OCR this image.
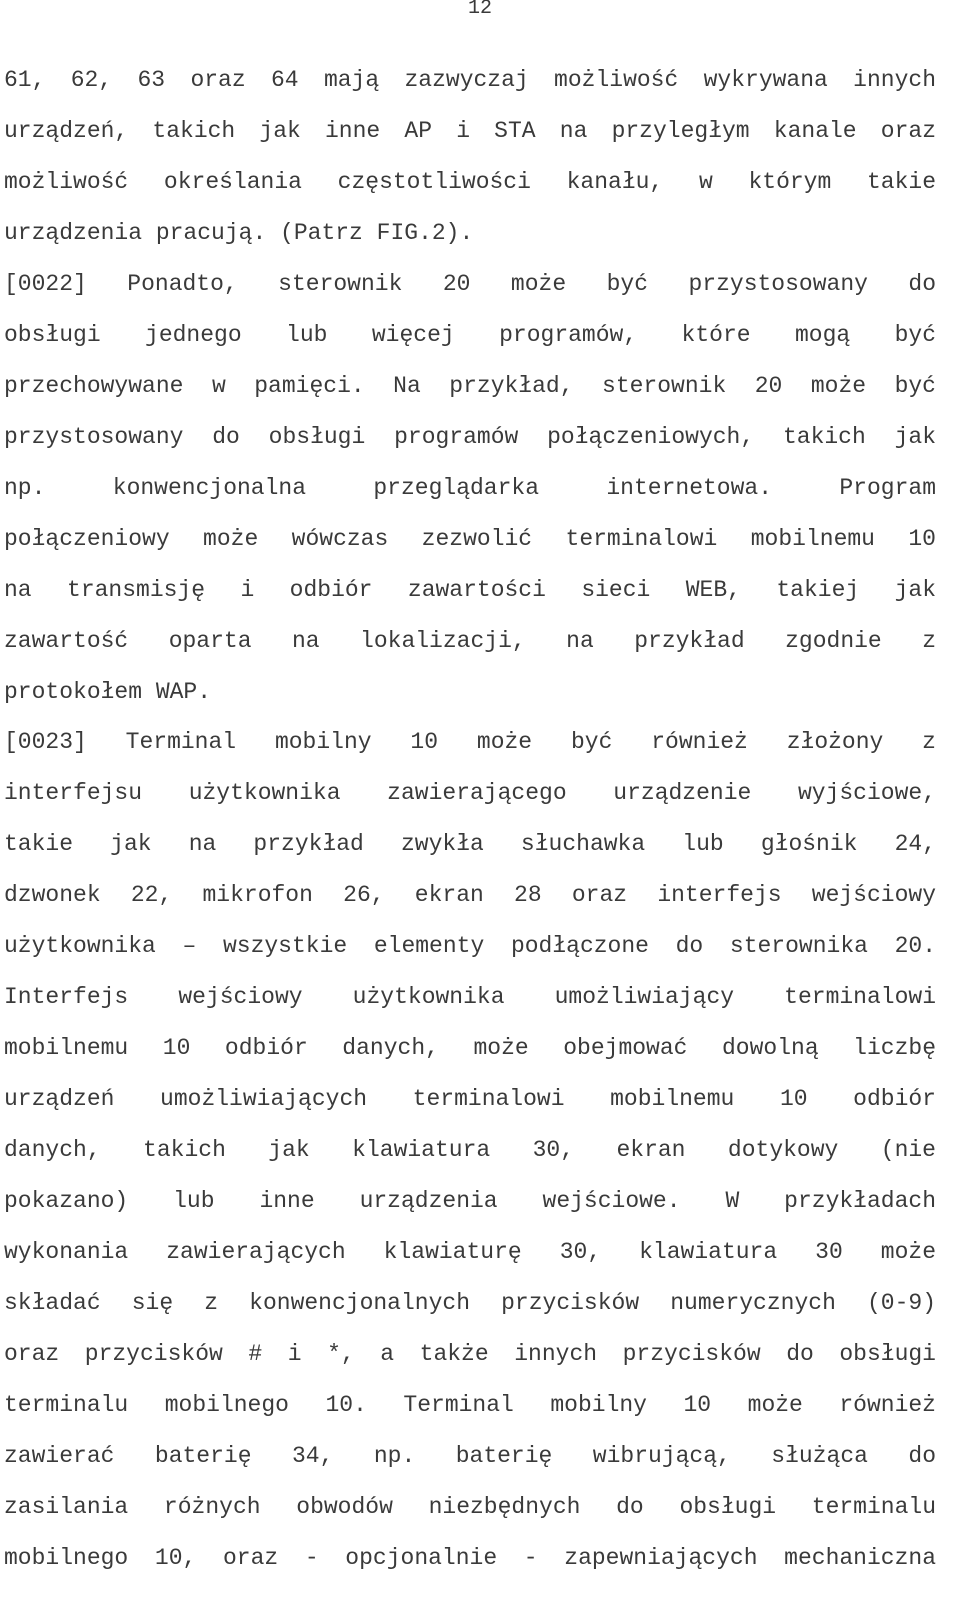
12
61, 62, 63 oraz 64 mają zazwyczaj możliwość wykrywana innych
urządzeń, takich jak inne AP i STA na przyległym kanale oraz
możliwość określania częstotliwości kanału, w którym takie
urządzenia pracują. (Patrz FIG.2).
[0022] Ponadto, sterownik 20 może być przystosowany do
obsługi jednego lub więcej programów, które mogą być
przechowywane w pamięci. Na przykład, sterownik 20 może być
przystosowany do obsługi programów połączeniowych, takich jak
np. konwencjonalna przeglądarka internetowa. Program
połączeniowy może wówczas zezwolić terminalowi mobilnemu 10
na transmisję i odbiór zawartości sieci WEB, takiej jak
zawartość oparta na lokalizacji, na przykład zgodnie z
protokołem WAP.
[0023] Terminal mobilny 10 może być również złożony z
interfejsu użytkownika zawierającego urządzenie wyjściowe,
takie jak na przykład zwykła słuchawka lub głośnik 24,
dzwonek 22, mikrofon 26, ekran 28 oraz interfejs wejściowy
użytkownika – wszystkie elementy podłączone do sterownika 20.
Interfejs wejściowy użytkownika umożliwiający terminalowi
mobilnemu 10 odbiór danych, może obejmować dowolną liczbę
urządzeń umożliwiających terminalowi mobilnemu 10 odbiór
danych, takich jak klawiatura 30, ekran dotykowy (nie
pokazano) lub inne urządzenia wejściowe. W przykładach
wykonania zawierających klawiaturę 30, klawiatura 30 może
składać się z konwencjonalnych przycisków numerycznych (0-9)
oraz przycisków # i *, a także innych przycisków do obsługi
terminalu mobilnego 10. Terminal mobilny 10 może również
zawierać baterię 34, np. baterię wibrującą, służąca do
zasilania różnych obwodów niezbędnych do obsługi terminalu
mobilnego 10, oraz - opcjonalnie - zapewniających mechaniczna
